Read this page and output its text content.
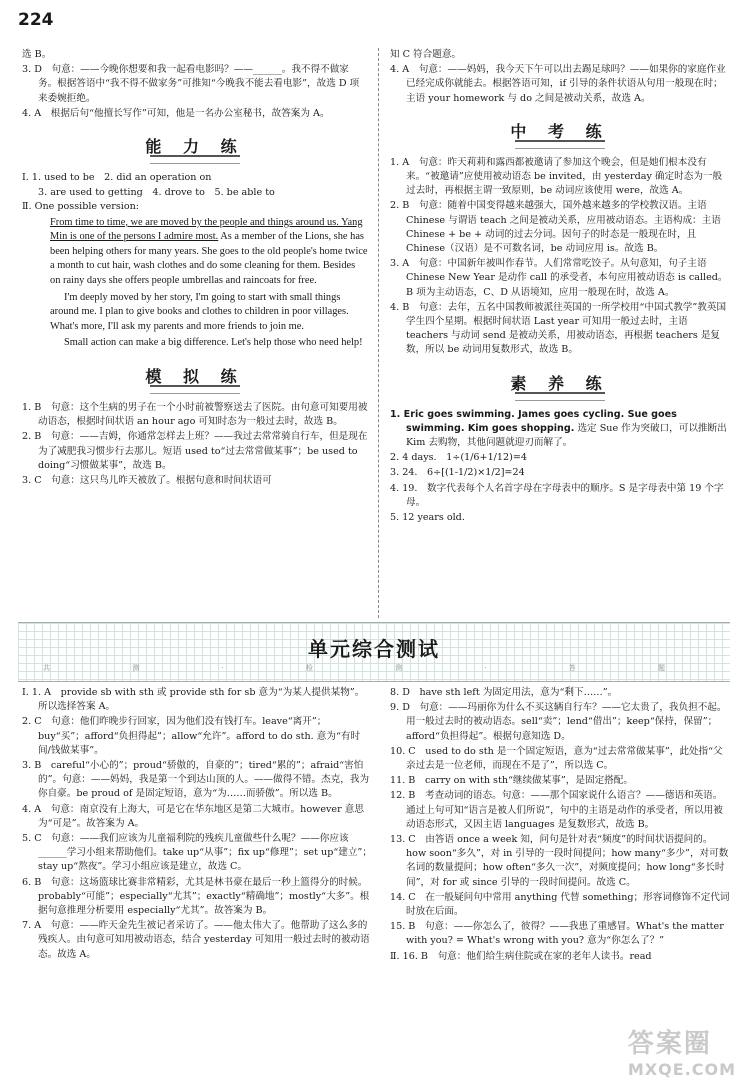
224
选 B。
3. D　句意：——今晚你想要和我一起看电影吗？——______。我不得不做家务。根据答语中“我不得不做家务”可推知“今晚我不能去看电影”，故选 D 项来委婉拒绝。
4. A　根据后句“他擅长写作”可知，他是一名办公室秘书，故答案为 A。
能 力 练
Ⅰ. 1. used to be　2. did an operation on
3. are used to getting　4. drove to　5. be able to
Ⅱ. One possible version:

From time to time, we are moved by the people and things around us. Yang Min is one of the persons I admire most. As a member of the Lions, she has been helping others for many years. She goes to the old people's home twice a month to cut hair, wash clothes and do some cleaning for them. Besides on rainy days she offers people umbrellas and raincoats for free.

I'm deeply moved by her story, I'm going to start with small things around me. I plan to give books and clothes to children in poor villages. What's more, I'll ask my parents and more friends to join me.

Small action can make a big difference. Let's help those who need help!

模 拟 练
1. B　句意：这个生病的男子在一个小时前被警察送去了医院。由句意可知要用被动语态，根据时间状语 an hour ago 可知时态为一般过去时，故选 B。
2. B　句意：——吉姆，你通常怎样去上班？——我过去常常骑自行车，但是现在为了减肥我习惯步行去那儿。短语 used to“过去常常做某事”；be used to doing“习惯做某事”，故选 B。
3. C　句意：这只鸟儿昨天被放了。根据句意和时间状语可
知 C 符合题意。
4. A　句意：——妈妈，我今天下午可以出去踢足球吗？——如果你的家庭作业已经完成你就能去。根据答语可知，if 引导的条件状语从句用一般现在时；主语 your homework 与 do 之间是被动关系，故选 A。
中 考 练
1. A　句意：昨天莉莉和露西都被邀请了参加这个晚会，但是她们根本没有来。“被邀请”应使用被动语态 be invited，由 yesterday 确定时态为一般过去时，再根据主谓一致原则，be 动词应该使用 were，故选 A。
2. B　句意：随着中国变得越来越强大，国外越来越多的学校教汉语。主语 Chinese 与谓语 teach 之间是被动关系，应用被动语态。主语构成：主语 Chinese + be + 动词的过去分词。因句子的时态是一般现在时，且 Chinese（汉语）是不可数名词，be 动词应用 is。故选 B。
3. A　句意：中国新年被叫作春节。人们常常吃饺子。从句意知，句子主语 Chinese New Year 是动作 call 的承受者，本句应用被动语态 is called。B 项为主动语态，C、D 从语境知，应用一般现在时，故选 A。
4. B　句意：去年，五名中国教师被派往英国的一所学校用“中国式教学”教英国学生四个星期。根据时间状语 Last year 可知用一般过去时，主语 teachers 与动词 send 是被动关系，用被动语态，再根据 teachers 是复数，所以 be 动词用复数形式，故选 B。
素 养 练
1. Eric goes swimming. James goes cycling. Sue goes swimming. Kim goes shopping. 选定 Sue 作为突破口，可以推断出 Kim 去购物，其他问题就迎刃而解了。
2. 4 days.　1÷(1/6+1/12)=4
3. 24.　6÷[(1-1/2)×1/2]=24
4. 19.　数字代表每个人名首字母在字母表中的顺序。S 是字母表中第 19 个字母。
5. 12 years old.
单元综合测试
共 测 · 检 测 · 答 题
Ⅰ. 1. A　provide sb with sth 或 provide sth for sb 意为“为某人提供某物”。所以选择答案 A。
2. C　句意：他们昨晚步行回家，因为他们没有钱打车。leave“离开”；buy“买”；afford“负担得起”；allow“允许”。afford to do sth. 意为“有时间/钱做某事”。
3. B　careful“小心的”；proud“骄傲的，自豪的”；tired“累的”；afraid“害怕的”。句意：——妈妈，我是第一个到达山顶的人。——做得不错。杰克，我为你自豪。be proud of 是固定短语，意为“为……而骄傲”。所以选 B。
4. A　句意：南京没有上海大，可是它在华东地区是第二大城市。however 意思为“可是”。故答案为 A。
5. C　句意：——我们应该为儿童福利院的残疾儿童做些什么呢？——你应该______学习小组来帮助他们。take up“从事”；fix up“修理”；set up“建立”；stay up“熬夜”。学习小组应该是建立，故选 C。
6. B　句意：这场篮球比赛非常精彩，尤其是林书豪在最后一秒上篮得分的时候。probably“可能”；especially“尤其”；exactly“精确地”；mostly“大多”。根据句意推理分析要用 especially“尤其”。故答案为 B。
7. A　句意：——昨天金先生被记者采访了。——他太伟大了。他帮助了这么多的残疾人。由句意可知用被动语态，结合 yesterday 可知用一般过去时的被动语态。故选 A。
8. D　have sth left 为固定用法，意为“剩下……”。
9. D　句意：——玛丽你为什么不买这辆自行车？——它太贵了，我负担不起。用一般过去时的被动语态。sell“卖”；lend“借出”；keep“保持，保留”；afford“负担得起”。根据句意知选 D。
10. C　used to do sth 是一个固定短语，意为“过去常常做某事”，此处指“父亲过去是一位老师，而现在不是了”，所以选 C。
11. B　carry on with sth“继续做某事”，是固定搭配。
12. B　考查动词的语态。句意：——那个国家说什么语言？——德语和英语。通过上句可知“语言是被人们所说”，句中的主语是动作的承受者，所以用被动语态形式，又因主语 languages 是复数形式，故选 B。
13. C　由答语 once a week 知，问句是针对表“频度”的时间状语提问的。how soon“多久”，对 in 引导的一段时间提问；how many“多少”，对可数名词的数量提问；how often“多久一次”，对频度提问；how long“多长时间”，对 for 或 since 引导的一段时间提问。故选 C。
14. C　在一般疑问句中常用 anything 代替 something；形容词修饰不定代词时放在后面。
15. B　句意：——你怎么了，彼得？——我患了重感冒。What's the matter with you? = What's wrong with you? 意为“你怎么了？”
Ⅱ. 16. B　句意：他们给生病住院或在家的老年人读书。read
答案圈
MXQE.COM
